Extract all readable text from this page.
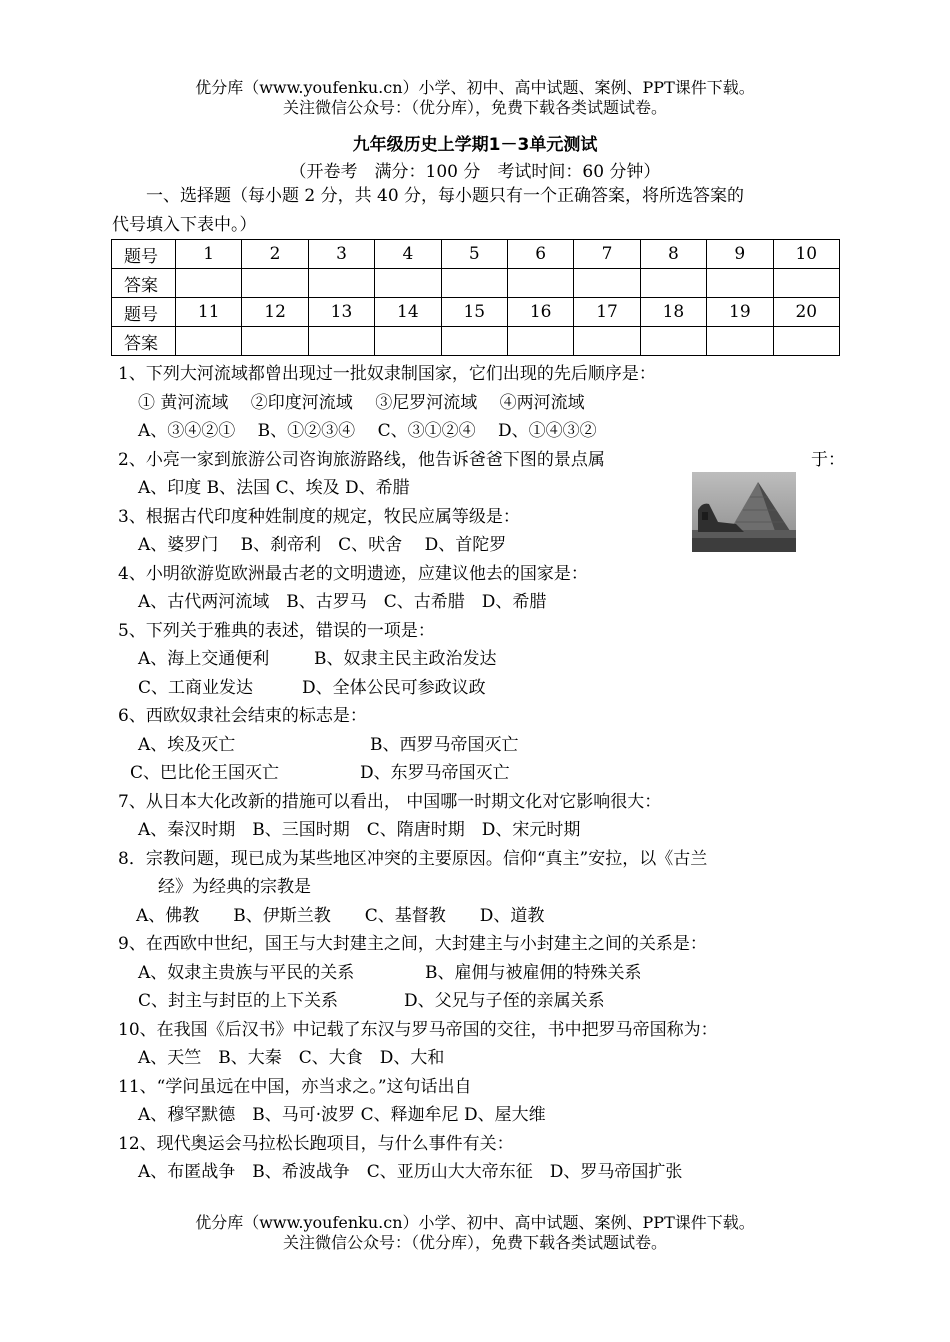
优分库（www.youfenku.cn）小学、初中、高中试题、案例、PPT课件下载。
关注微信公众号：（优分库），免费下载各类试题试卷。
九年级历史上学期1－3单元测试
（开卷考　满分：100 分　考试时间：60 分钟）
一、选择题（每小题 2 分，共 40 分，每小题只有一个正确答案，将所选答案的
代号填入下表中。）
题号	1	2	3	4	5	6	7	8	9	10
答案										
题号	11	12	13	14	15	16	17	18	19	20
答案										
1、下列大河流域都曾出现过一批奴隶制国家，它们出现的先后顺序是：
① 黄河流域　 ②印度河流域　 ③尼罗河流域　 ④两河流域
A、③④②①　 B、①②③④　 C、③①②④　 D、①④③②
2、小亮一家到旅游公司咨询旅游路线，他告诉爸爸下图的景点属	于：
A、印度 B、法国 C、埃及 D、希腊
3、根据古代印度种姓制度的规定，牧民应属等级是：
A、婆罗门　 B、刹帝利　C、吠舍　 D、首陀罗
4、小明欲游览欧洲最古老的文明遗迹，应建议他去的国家是：
A、古代两河流域　B、古罗马　C、古希腊　D、希腊
5、下列关于雅典的表述，错误的一项是：
A、海上交通便利	B、奴隶主民主政治发达
C、工商业发达	D、全体公民可参政议政
6、西欧奴隶社会结束的标志是：
A、埃及灭亡	B、西罗马帝国灭亡
C、巴比伦王国灭亡	D、东罗马帝国灭亡
7、从日本大化改新的措施可以看出， 中国哪一时期文化对它影响很大：
A、秦汉时期　B、三国时期　C、隋唐时期　D、宋元时期
8．宗教问题，现已成为某些地区冲突的主要原因。信仰“真主”安拉，以《古兰
经》为经典的宗教是
A、佛教　　B、伊斯兰教　　C、基督教　　D、道教
9、在西欧中世纪，国王与大封建主之间，大封建主与小封建主之间的关系是：
A、奴隶主贵族与平民的关系	B、雇佣与被雇佣的特殊关系
C、封主与封臣的上下关系	D、父兄与子侄的亲属关系
10、在我国《后汉书》中记载了东汉与罗马帝国的交往，书中把罗马帝国称为：
A、天竺　B、大秦　C、大食　D、大和
11、“学问虽远在中国，亦当求之。”这句话出自
A、穆罕默德　B、马可·波罗 C、释迦牟尼 D、屋大维
12、现代奥运会马拉松长跑项目，与什么事件有关：
A、布匿战争　B、希波战争　C、亚历山大大帝东征　D、罗马帝国扩张
优分库（www.youfenku.cn）小学、初中、高中试题、案例、PPT课件下载。
关注微信公众号：（优分库），免费下载各类试题试卷。
